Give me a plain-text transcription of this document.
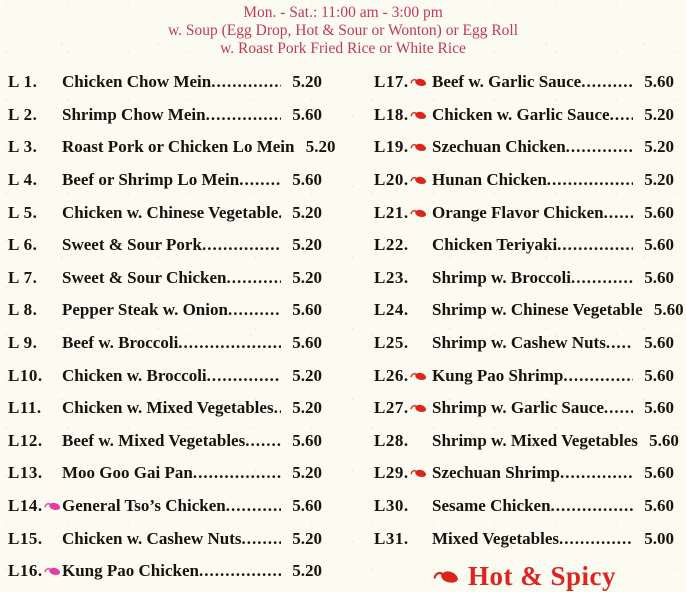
Mon. - Sat.: 11:00 am - 3:00 pm
w. Soup (Egg Drop, Hot & Sour or Wonton) or Egg Roll
w. Roast Pork Fried Rice or White Rice
L 1. Chicken Chow Mein .....	5.20
L 2. Shrimp Chow Mein .....	5.60
L 3. Roast Pork or Chicken Lo Mein 5.20
L 4. Beef or Shrimp Lo Mein .....	5.60
L 5. Chicken w. Chinese Vegetable ..... 5.20
L 6. Sweet & Sour Pork .....	5.20
L 7. Sweet & Sour Chicken .....	5.20
L 8. Pepper Steak w. Onion .....	5.60
L 9. Beef w. Broccoli .....	5.60
L10. Chicken w. Broccoli .....	5.20
L11. Chicken w. Mixed Vegetables .....	5.20
L12. Beef w. Mixed Vegetables .....	5.60
L13. Moo Goo Gai Pan .....	5.20
L14. General Tso’s Chicken .....	5.60
L15. Chicken w. Cashew Nuts .....	5.20
L16. Kung Pao Chicken .....	5.20
L17. Beef w. Garlic Sauce .....	5.60
L18. Chicken w. Garlic Sauce .....	5.20
L19. Szechuan Chicken .....	5.20
L20. Hunan Chicken .....	5.20
L21. Orange Flavor Chicken .....	5.60
L22. Chicken Teriyaki .....	5.60
L23. Shrimp w. Broccoli .....	5.60
L24. Shrimp w. Chinese Vegetable 5.60
L25. Shrimp w. Cashew Nuts .....	5.60
L26. Kung Pao Shrimp .....	5.60
L27. Shrimp w. Garlic Sauce .....	5.60
L28. Shrimp w. Mixed Vegetables 5.60
L29. Szechuan Shrimp .....	5.60
L30. Sesame Chicken .....	5.60
L31. Mixed Vegetables .....	5.00
Hot & Spicy
